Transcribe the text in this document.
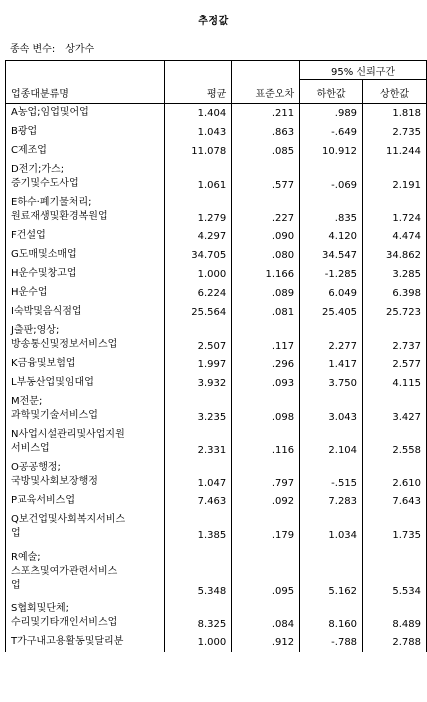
추정값
종속 변수: 상가수
업종대분류명	평균	표준오차	95% 신뢰구간	
			하한값	상한값

A농업;임업및어업	1.404	.211	.989	1.818

B광업	1.043	.863	-.649	2.735

C제조업	11.078	.085	10.912	11.244

D전기;가스;
증기및수도사업	1.061	.577	-.069	2.191

E하수·폐기물처리;
원료재생및환경복원업	1.279	.227	.835	1.724

F건설업	4.297	.090	4.120	4.474

G도매및소매업	34.705	.080	34.547	34.862

H운수및창고업	1.000	1.166	-1.285	3.285

H운수업	6.224	.089	6.049	6.398

I숙박및음식점업	25.564	.081	25.405	25.723

J출판;영상;
방송통신및정보서비스업	2.507	.117	2.277	2.737

K금융및보험업	1.997	.296	1.417	2.577

L부동산업및임대업	3.932	.093	3.750	4.115

M전문;
과학및기술서비스업	3.235	.098	3.043	3.427

N사업시설관리및사업지원
서비스업	2.331	.116	2.104	2.558

O공공행정;
국방및사회보장행정	1.047	.797	-.515	2.610

P교육서비스업	7.463	.092	7.283	7.643

Q보건업및사회복지서비스
업	1.385	.179	1.034	1.735

R예술;
스포츠및여가관련서비스
업	5.348	.095	5.162	5.534

S협회및단체;
수리및기타개인서비스업	8.325	.084	8.160	8.489

T가구내고용활동및달리분	1.000	.912	-.788	2.788
